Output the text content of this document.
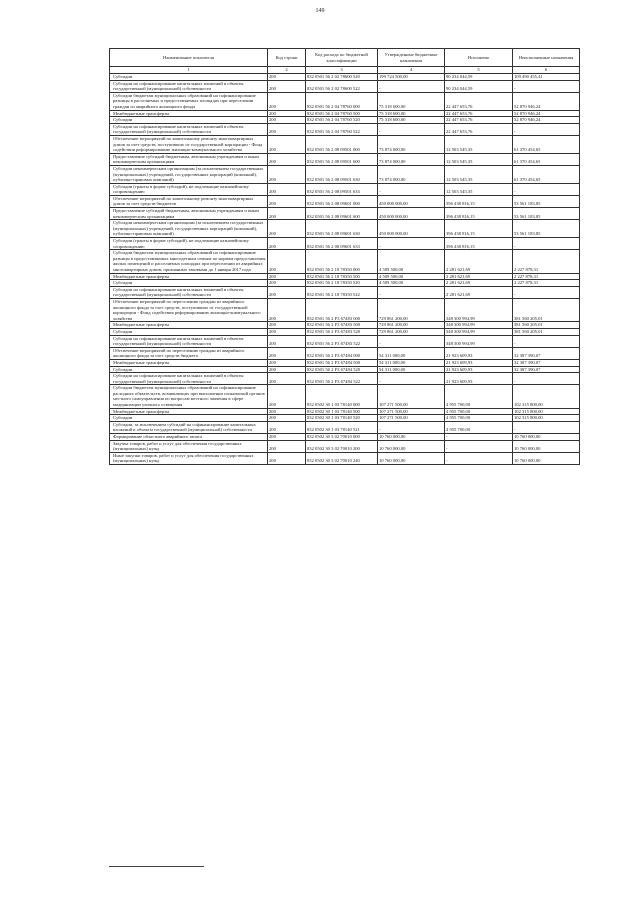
149
Наименование показателя	Код строки	Код расхода по бюджетной классификации	Утвержденные бюджетные назначения	Исполнено	Неисполненные назначения
1	2	3	4	5	6
Субсидии	200	832 0501 56 2 02 78600 520	199 724 500,00	90 234 044,59	109 490 455,41
Субсидии на софинансирование капитальных вложений в объекты государственной (муниципальной) собственности	200	832 0501 56 2 02 78600 522	-	90 234 044,59	-
Субсидии бюджетам муниципальных образований на софинансирование разницы в расселяемых и предоставляемых площадях при переселении граждан из аварийного жилищного фонда	200	832 0501 56 2 04 78760 000	75 318 600,00	22 447 653,76	52 870 946,24
Межбюджетные трансферты	200	832 0501 56 2 04 78760 500	75 318 600,00	22 447 653,76	52 870 946,24
Субсидии	200	832 0501 56 2 04 78760 520	75 318 600,00	22 447 653,76	52 870 946,24
Субсидии на софинансирование капитальных вложений в объекты государственной (муниципальной) собственности	200	832 0501 56 2 04 78760 522	-	22 447 653,76	-
Обеспечение мероприятий по капитальному ремонту многоквартирных домов за счет средств, поступивших от государственной корпорации - Фонд содействия реформированию жилищно-коммунального хозяйства	200	832 0501 56 2 08 09501 000	73 874 000,00	12 503 545,35	61 370 454,65
Предоставление субсидий бюджетным, автономным учреждениям и иным некоммерческим организациям	200	832 0501 56 2 08 09501 600	73 874 000,00	12 503 545,35	61 370 454,65
Субсидии некоммерческим организациям (за исключением государственных (муниципальных) учреждений, государственных корпораций (компаний), публично-правовых компаний)	200	832 0501 56 2 08 09501 630	73 874 000,00	12 503 545,35	61 370 454,65
Субсидии (гранты в форме субсидий), не подлежащие казначейскому сопровождению	200	832 0501 56 2 08 09501 633	-	12 503 545,35	-
Обеспечение мероприятий по капитальному ремонту многоквартирных домов за счет средств бюджетов	200	832 0501 56 2 08 09601 000	450 000 000,00	396 438 816,15	53 561 183,85
Предоставление субсидий бюджетным, автономным учреждениям и иным некоммерческим организациям	200	832 0501 56 2 08 09601 600	450 000 000,00	396 438 816,15	53 561 183,85
Субсидии некоммерческим организациям (за исключением государственных (муниципальных) учреждений, государственных корпораций (компаний), публично-правовых компаний)	200	832 0501 56 2 08 09601 630	450 000 000,00	396 438 816,15	53 561 183,85
Субсидии (гранты в форме субсидий), не подлежащие казначейскому сопровождению	200	832 0501 56 2 08 09601 633	-	396 438 816,15	-
Субсидии бюджетам муниципальных образований на софинансирование разницы в предоставляемых многодетным семьям по нормам предоставления жилых помещений и расселяемых площадях при переселении из аварийных многоквартирных домов, признанных таковыми до 1 января 2017 года	200	832 0501 56 2 18 78350 000	4 509 500,00	2 281 621,69	2 227 878,31
Межбюджетные трансферты	200	832 0501 56 2 18 78350 500	4 509 500,00	2 281 621,69	2 227 878,31
Субсидии	200	832 0501 56 2 18 78350 520	4 509 500,00	2 281 621,69	2 227 878,31
Субсидии на софинансирование капитальных вложений в объекты государственной (муниципальной) собственности	200	832 0501 56 2 18 78350 522	-	2 281 621,69	-
Обеспечение мероприятий по переселению граждан из аварийного жилищного фонда за счет средств, поступивших от государственной корпорации - Фонд содействия реформированию жилищно-коммунального хозяйства	200	832 0501 56 2 F3 67483 000	729 861 200,00	348 300 994,99	381 560 205,01
Межбюджетные трансферты	200	832 0501 56 2 F3 67483 500	729 861 200,00	348 300 994,99	381 560 205,01
Субсидии	200	832 0501 56 2 F3 67483 520	729 861 200,00	348 300 994,99	381 560 205,01
Субсидии на софинансирование капитальных вложений в объекты государственной (муниципальной) собственности	200	832 0501 56 2 F3 67483 522	-	348 300 994,99	-
Обеспечение мероприятий по переселению граждан из аварийного жилищного фонда за счет средств бюджета	200	832 0501 56 2 F3 67484 000	54 311 000,00	21 923 609,93	32 387 390,07
Межбюджетные трансферты	200	832 0501 56 2 F3 67484 500	54 311 000,00	21 923 609,93	32 387 390,07
Субсидии	200	832 0501 56 2 F3 67484 520	54 311 000,00	21 923 609,93	32 387 390,07
Субсидии на софинансирование капитальных вложений в объекты государственной (муниципальной) собственности	200	832 0501 56 2 F3 67484 522	-	21 923 609,93	-
Субсидии бюджетам муниципальных образований на софинансирование расходных обязательств, возникающих при выполнении полномочий органов местного самоуправления по вопросам местного значения в сфере модернизации уличного освещения	200	832 0502 30 1 03 78140 000	107 271 500,00	4 955 700,00	102 315 800,00
Межбюджетные трансферты	200	832 0502 30 1 03 78140 500	107 271 500,00	4 955 700,00	102 315 800,00
Субсидии	200	832 0502 30 1 03 78140 520	107 271 500,00	4 955 700,00	102 315 800,00
Субсидии, за исключением субсидий на софинансирование капитальных вложений в объекты государственной (муниципальной) собственности	200	832 0502 30 1 03 78140 521	-	4 955 700,00	-
Формирование областного аварийного запаса	200	832 0502 30 3 02 70010 000	10 760 000,00	-	10 760 000,00
Закупка товаров, работ и услуг для обеспечения государственных (муниципальных) нужд	200	832 0502 30 3 02 70010 200	10 760 000,00	-	10 760 000,00
Иные закупки товаров, работ и услуг для обеспечения государственных (муниципальных) нужд	200	832 0502 30 3 02 70010 240	10 760 000,00	-	10 760 000,00
